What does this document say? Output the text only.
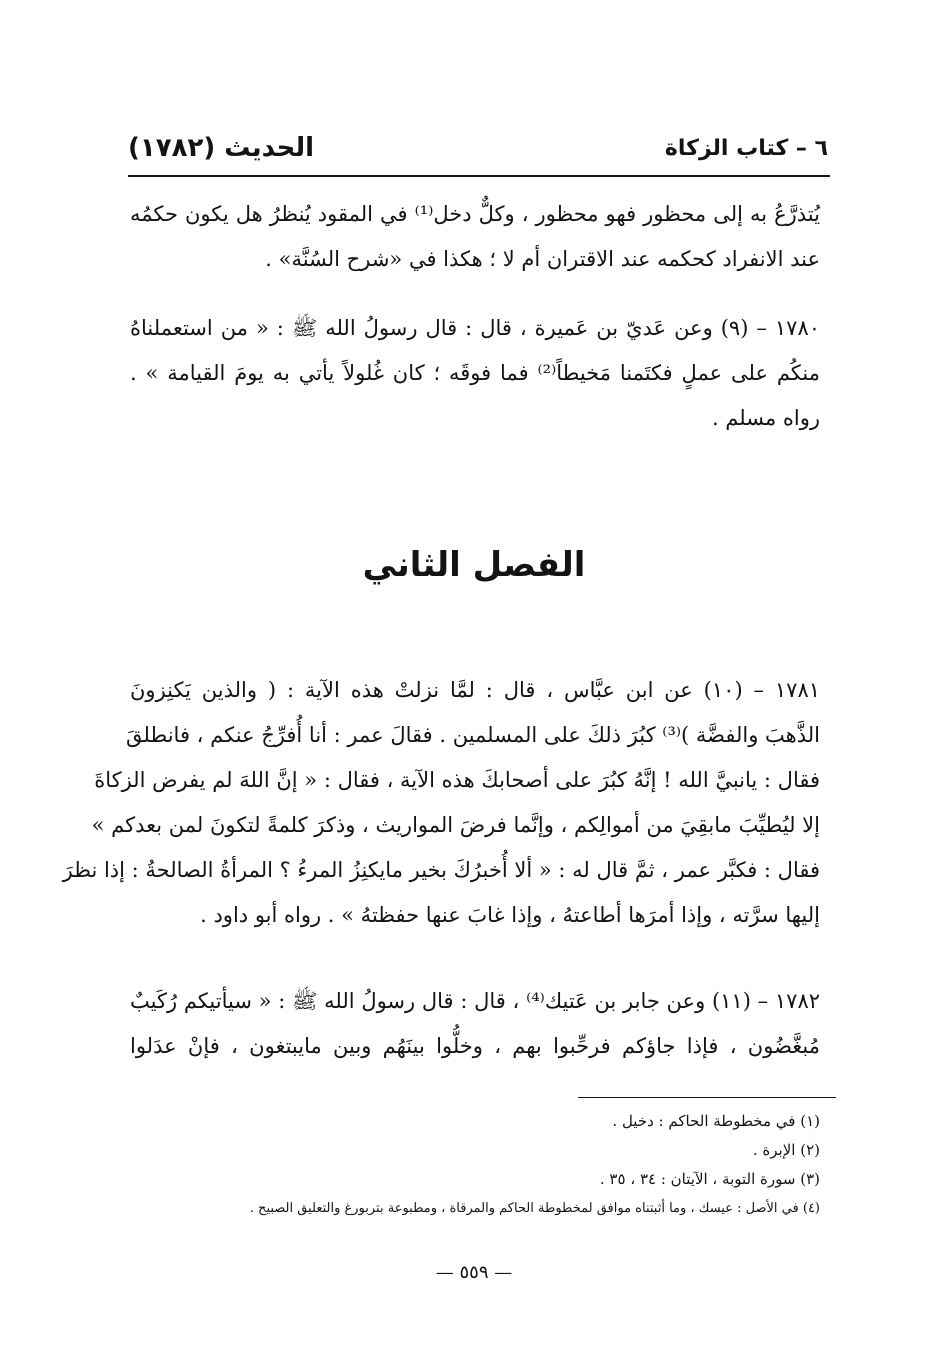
٦ – كتاب الزكاة
الحديث (١٧٨٢)
يُتذرَّعُ به إلى محظور فهو محظور ، وكلٌّ دخل⁽¹⁾ في المقود يُنظرُ هل يكون حكمُه
عند الانفراد كحكمه عند الاقتران أم لا ؛ هكذا في «شرح السُنَّة» .
١٧٨٠ – (٩) وعن عَديّ بن عَميرة ، قال : قال رسولُ الله ﷺ : « من استعملناهُ
منكُم على عملٍ فكتَمنا مَخيطاً⁽²⁾ فما فوقَه ؛ كان غُلولاً يأتي به يومَ القيامة » .
رواه مسلم .
الفصل الثاني
١٧٨١ – (١٠) عن ابن عبَّاس ، قال : لمَّا نزلتْ هذه الآية : ( والذين يَكنِزونَ
الذَّهبَ والفضَّة )⁽³⁾ كبُرَ ذلكَ على المسلمين . فقالَ عمر : أنا أُفرِّجُ عنكم ، فانطلقَ
فقال : يانبيَّ الله ! إنَّهُ كبُرَ على أصحابكَ هذه الآية ، فقال : « إنَّ اللهَ لم يفرض الزكاةَ
إلا ليُطيِّبَ مابقِيَ من أموالِكم ، وإنَّما فرضَ المواريث ، وذكرَ كلمةً لتكونَ لمن بعدكم »
فقال : فكبَّر عمر ، ثمَّ قال له : « ألا أُخبرُكَ بخير مايكنِزُ المرءُ ؟ المرأةُ الصالحةُ : إذا نظرَ
إليها سرَّته ، وإذا أمرَها أطاعتهُ ، وإذا غابَ عنها حفظتهُ » . رواه أبو داود .
١٧٨٢ – (١١) وعن جابر بن عَتيك⁽⁴⁾ ، قال : قال رسولُ الله ﷺ : « سيأتيكم رُكَيبٌ
مُبغَّضُون ، فإذا جاؤكم فرحِّبوا بهم ، وخلُّوا بينَهُم وبين مايبتغون ، فإنْ عدَلوا
(١) في مخطوطة الحاكم : دخيل .
(٢) الإبرة .
(٣) سورة التوبة ، الآيتان : ٣٤ ، ٣٥ .
(٤) في الأصل : عيسك ، وما أثبتناه موافق لمخطوطة الحاكم والمرقاة ، ومطبوعة بتربورغ والتعليق الصبيح .
— ٥٥٩ —
